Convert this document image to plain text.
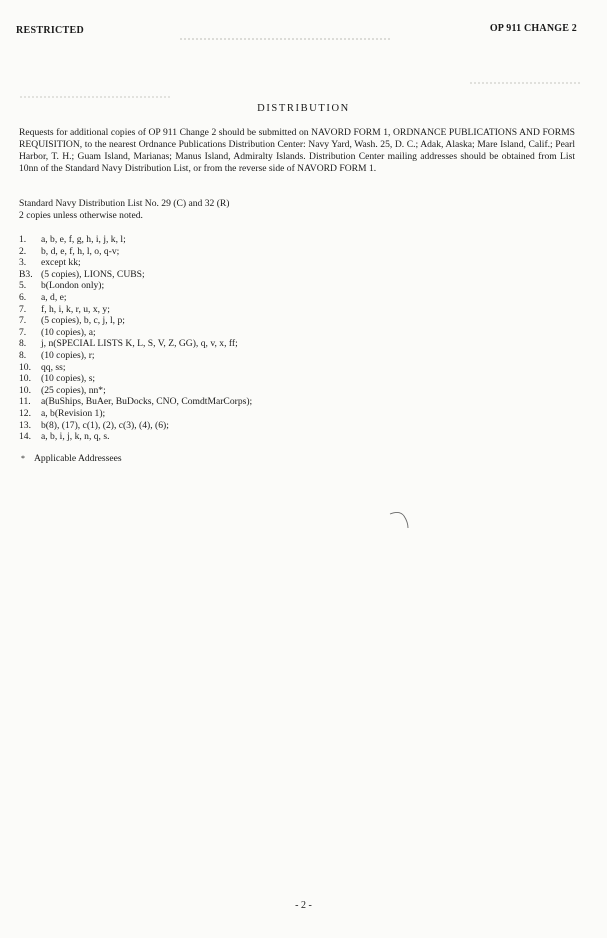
RESTRICTED	OP 911 CHANGE 2
DISTRIBUTION
Requests for additional copies of OP 911 Change 2 should be submitted on NAVORD FORM 1, ORDNANCE PUBLICATIONS AND FORMS REQUISITION, to the nearest Ordnance Publications Distribution Center: Navy Yard, Wash. 25, D. C.; Adak, Alaska; Mare Island, Calif.; Pearl Harbor, T. H.; Guam Island, Marianas; Manus Island, Admiralty Islands. Distribution Center mailing addresses should be obtained from List 10nn of the Standard Navy Distribution List, or from the reverse side of NAVORD FORM 1.
Standard Navy Distribution List No. 29 (C) and 32 (R)
2 copies unless otherwise noted.
1. a, b, e, f, g, h, i, j, k, l;
2. b, d, e, f, h, l, o, q-v;
3. except kk;
B3. (5 copies), LIONS, CUBS;
5. b(London only);
6. a, d, e;
7. f, h, i, k, r, u, x, y;
7. (5 copies), b, c, j, l, p;
7. (10 copies), a;
8. j, n(SPECIAL LISTS K, L, S, V, Z, GG), q, v, x, ff;
8. (10 copies), r;
10. qq, ss;
10. (10 copies), s;
10. (25 copies), nn*;
11. a(BuShips, BuAer, BuDocks, CNO, ComdtMarCorps);
12. a, b(Revision 1);
13. b(8), (17), c(1), (2), c(3), (4), (6);
14. a, b, i, j, k, n, q, s.
* Applicable Addressees
- 2 -
